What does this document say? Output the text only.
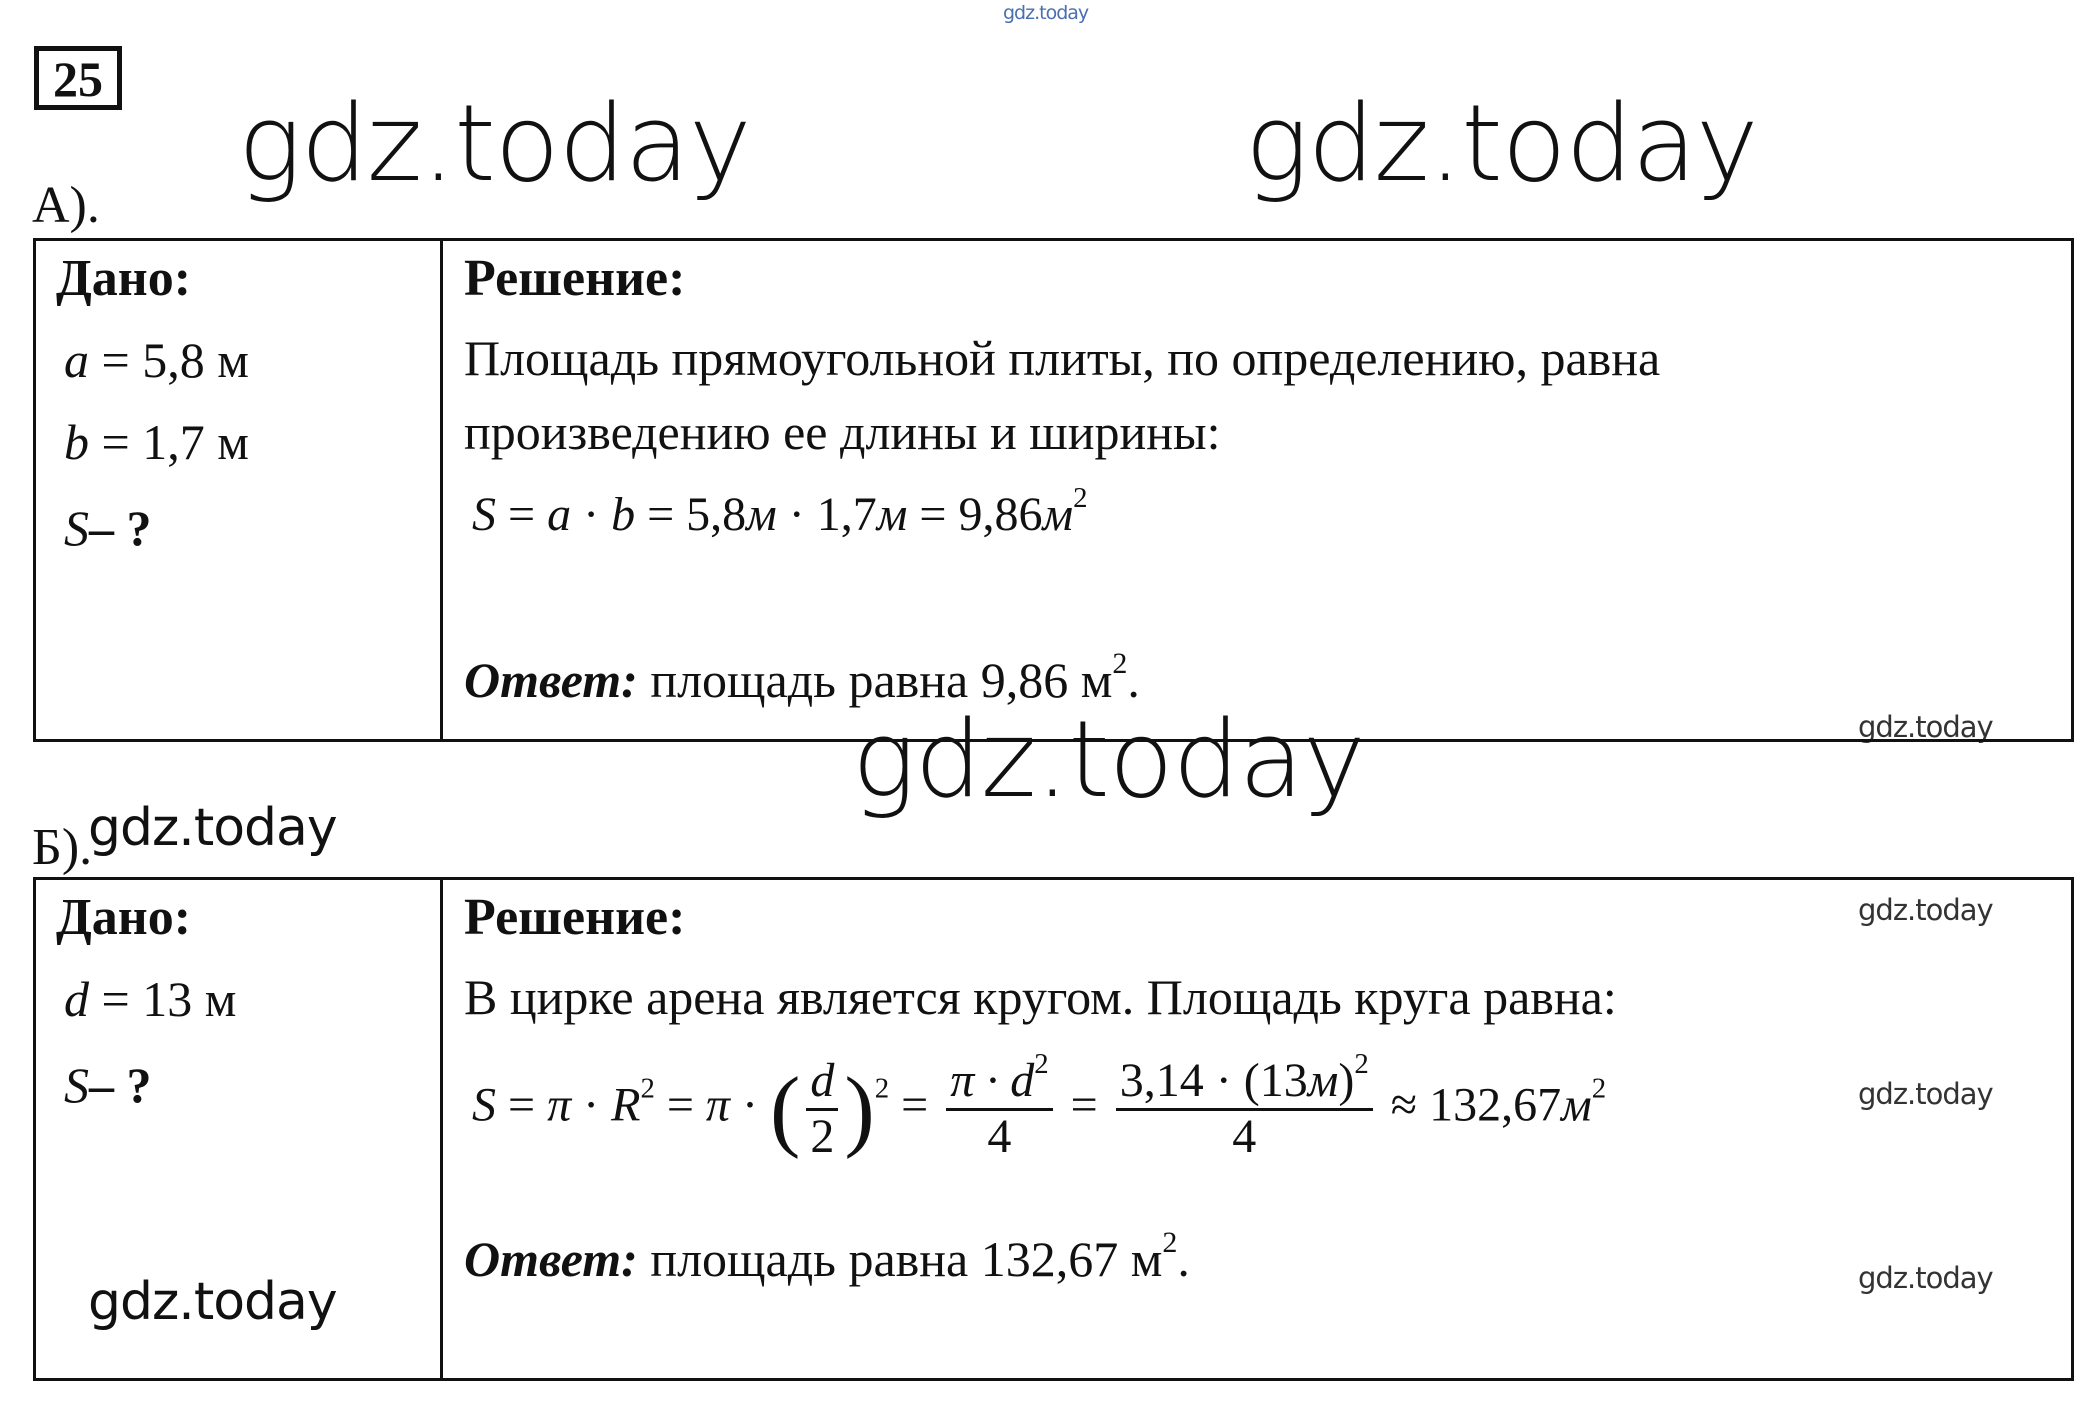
gdz.today
gdz.today	gdz.today
gdz.today
gdz.today
gdz.today
gdz.today
gdz.today
gdz.today
gdz.today
25
А).
Дано:
a = 5,8 м
b = 1,7 м
S– ?
Решение:
Площадь прямоугольной плиты, по определению, равна
произведению ее длины и ширины:
$S = a \cdot b = 5,8м \cdot 1,7м = 9,86м^2$
Ответ: площадь равна 9,86 $м^2$.
Б).
Дано:
d = 13 м
S– ?
Решение:
В цирке арена является кругом. Площадь круга равна:
$S = \pi \cdot R^2 = \pi$ · ( $\frac{d}{2} )^2 = \frac{\pi \cdot d^2}{4} = \frac{3,14 \cdot (13м)^2}{4} \approx 132,67м^2$
Ответ: площадь равна 132,67 $м^2$.
